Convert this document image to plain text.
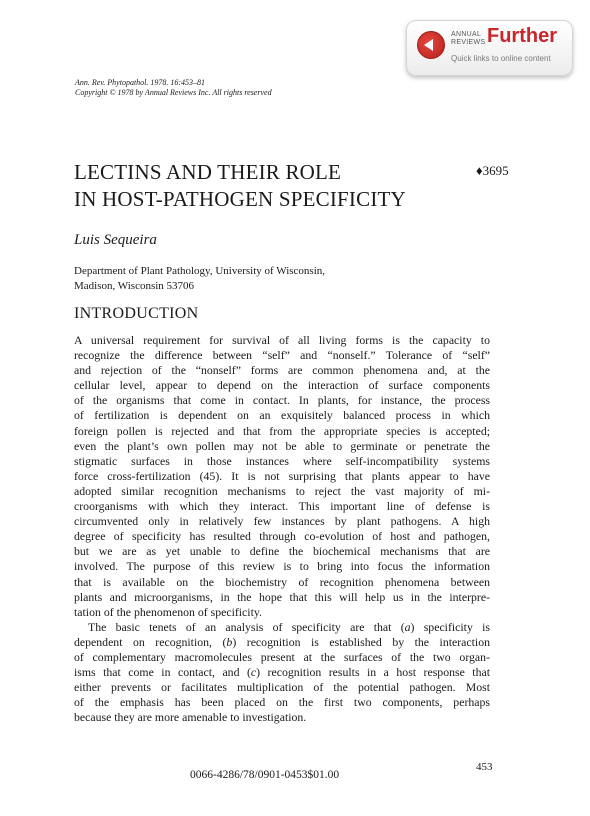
ANNUAL
REVIEWS Further
Quick links to online content
Ann. Rev. Phytopathol. 1978. 16:453–81
Copyright © 1978 by Annual Reviews Inc. All rights reserved
LECTINS AND THEIR ROLE
IN HOST-PATHOGEN SPECIFICITY
♦3695
Luis Sequeira
Department of Plant Pathology, University of Wisconsin,
Madison, Wisconsin 53706
INTRODUCTION
A universal requirement for survival of all living forms is the capacity to
recognize the difference between “self” and “nonself.” Tolerance of “self”
and rejection of the “nonself” forms are common phenomena and, at the
cellular level, appear to depend on the interaction of surface components
of the organisms that come in contact. In plants, for instance, the process
of fertilization is dependent on an exquisitely balanced process in which
foreign pollen is rejected and that from the appropriate species is accepted;
even the plant’s own pollen may not be able to germinate or penetrate the
stigmatic surfaces in those instances where self-incompatibility systems
force cross-fertilization (45). It is not surprising that plants appear to have
adopted similar recognition mechanisms to reject the vast majority of mi-
croorganisms with which they interact. This important line of defense is
circumvented only in relatively few instances by plant pathogens. A high
degree of specificity has resulted through co-evolution of host and pathogen,
but we are as yet unable to define the biochemical mechanisms that are
involved. The purpose of this review is to bring into focus the information
that is available on the biochemistry of recognition phenomena between
plants and microorganisms, in the hope that this will help us in the interpre-
tation of the phenomenon of specificity.
The basic tenets of an analysis of specificity are that (a) specificity is
dependent on recognition, (b) recognition is established by the interaction
of complementary macromolecules present at the surfaces of the two organ-
isms that come in contact, and (c) recognition results in a host response that
either prevents or facilitates multiplication of the potential pathogen. Most
of the emphasis has been placed on the first two components, perhaps
because they are more amenable to investigation.
453
0066-4286/78/0901-0453$01.00
